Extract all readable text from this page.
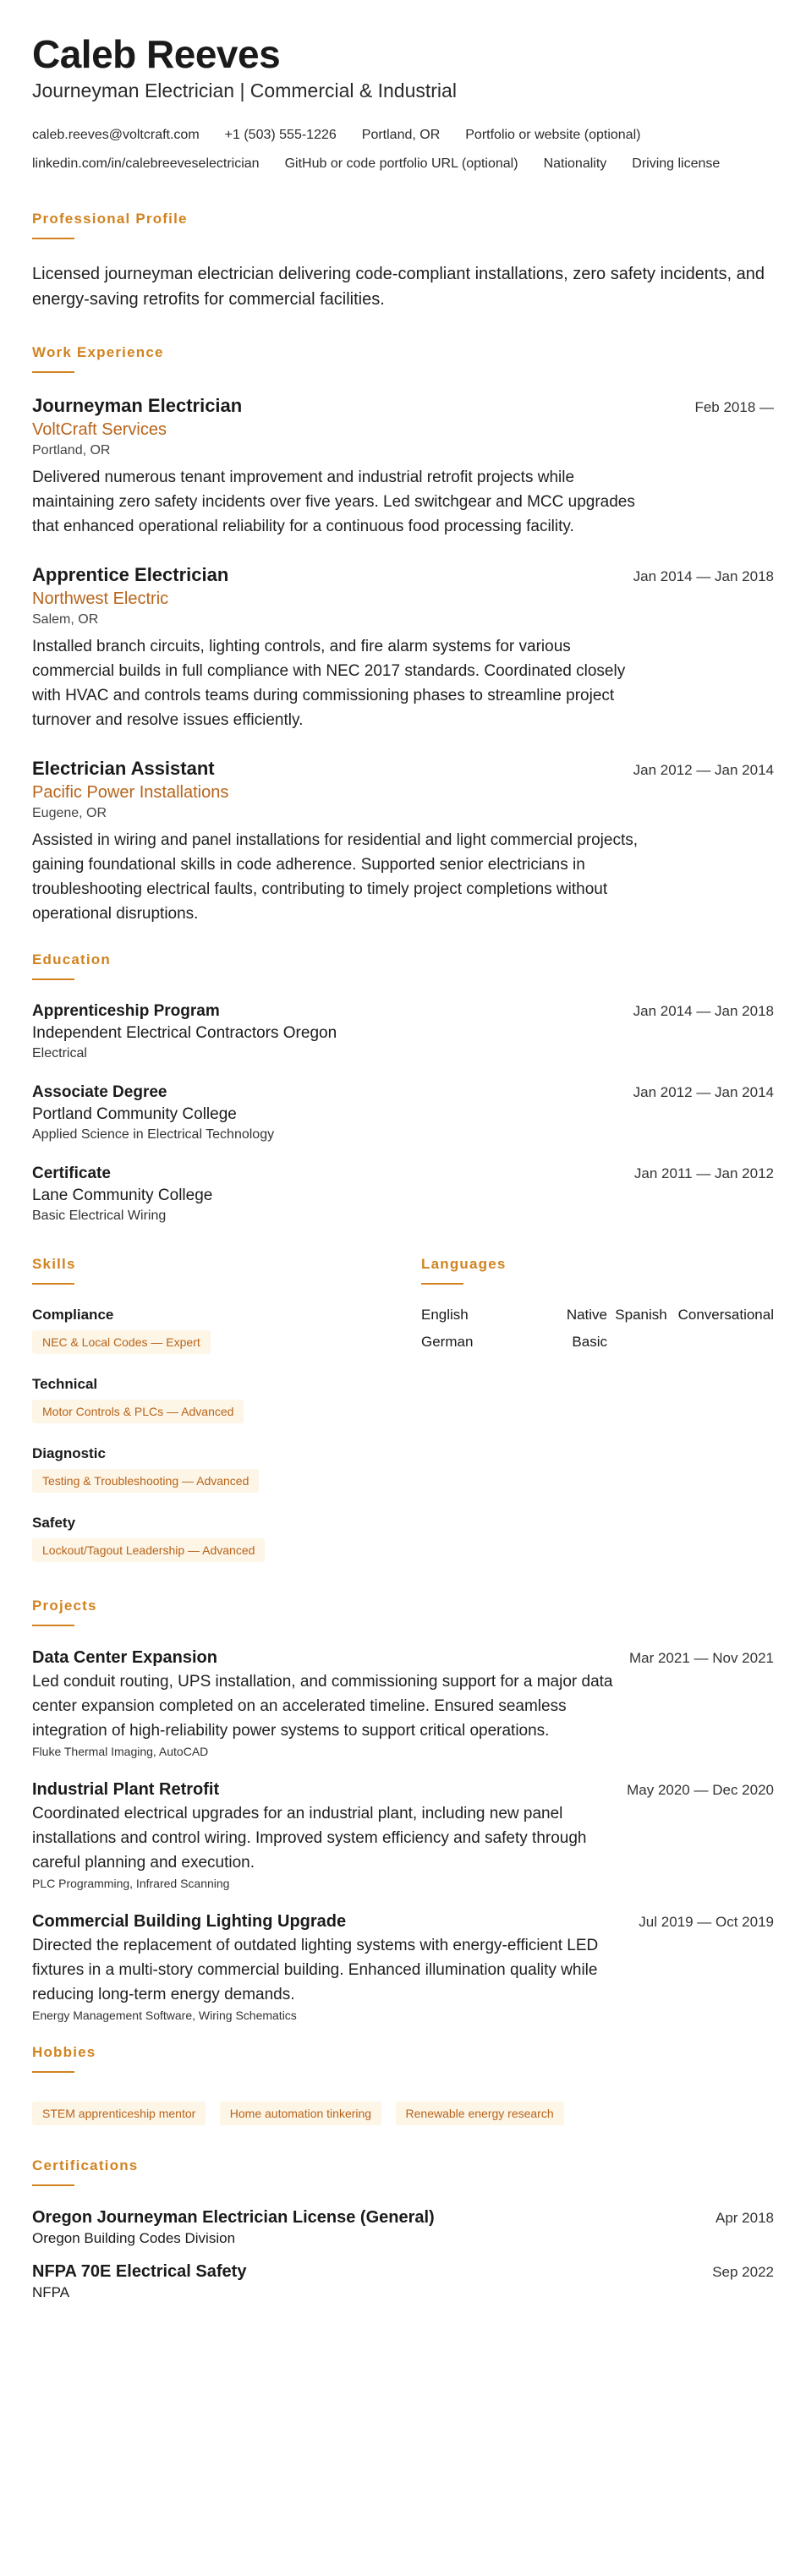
Caleb Reeves
Journeyman Electrician | Commercial & Industrial
caleb.reeves@voltcraft.com +1 (503) 555-1226 Portland, OR Portfolio or website (optional)
linkedin.com/in/calebreeveselectrician GitHub or code portfolio URL (optional) Nationality Driving license
Professional Profile

Licensed journeyman electrician delivering code-compliant installations, zero safety incidents, and energy-saving retrofits for commercial facilities.

Work Experience
Journeyman Electrician	Feb 2018 —
VoltCraft Services
Portland, OR
Delivered numerous tenant improvement and industrial retrofit projects while maintaining zero safety incidents over five years. Led switchgear and MCC upgrades that enhanced operational reliability for a continuous food processing facility.
Apprentice Electrician	Jan 2014 — Jan 2018
Northwest Electric
Salem, OR
Installed branch circuits, lighting controls, and fire alarm systems for various commercial builds in full compliance with NEC 2017 standards. Coordinated closely with HVAC and controls teams during commissioning phases to streamline project turnover and resolve issues efficiently.
Electrician Assistant	Jan 2012 — Jan 2014
Pacific Power Installations
Eugene, OR
Assisted in wiring and panel installations for residential and light commercial projects, gaining foundational skills in code adherence. Supported senior electricians in troubleshooting electrical faults, contributing to timely project completions without operational disruptions.
Education
Apprenticeship Program	Jan 2014 — Jan 2018
Independent Electrical Contractors Oregon
Electrical
Associate Degree	Jan 2012 — Jan 2014
Portland Community College
Applied Science in Electrical Technology
Certificate	Jan 2011 — Jan 2012
Lane Community College
Basic Electrical Wiring
Skills
Compliance
NEC & Local Codes — Expert
Technical
Motor Controls & PLCs — Advanced
Diagnostic
Testing & Troubleshooting — Advanced
Safety
Lockout/Tagout Leadership — Advanced
Languages
English	Native Spanish Conversational
German	Basic
Projects
Data Center Expansion	Mar 2021 — Nov 2021
Led conduit routing, UPS installation, and commissioning support for a major data center expansion completed on an accelerated timeline. Ensured seamless integration of high-reliability power systems to support critical operations.
Fluke Thermal Imaging, AutoCAD
Industrial Plant Retrofit	May 2020 — Dec 2020
Coordinated electrical upgrades for an industrial plant, including new panel installations and control wiring. Improved system efficiency and safety through careful planning and execution.
PLC Programming, Infrared Scanning
Commercial Building Lighting Upgrade	Jul 2019 — Oct 2019
Directed the replacement of outdated lighting systems with energy-efficient LED fixtures in a multi-story commercial building. Enhanced illumination quality while reducing long-term energy demands.
Energy Management Software, Wiring Schematics
Hobbies
STEM apprenticeship mentor	Home automation tinkering	Renewable energy research
Certifications
Oregon Journeyman Electrician License (General)	Apr 2018
Oregon Building Codes Division
NFPA 70E Electrical Safety	Sep 2022
NFPA
